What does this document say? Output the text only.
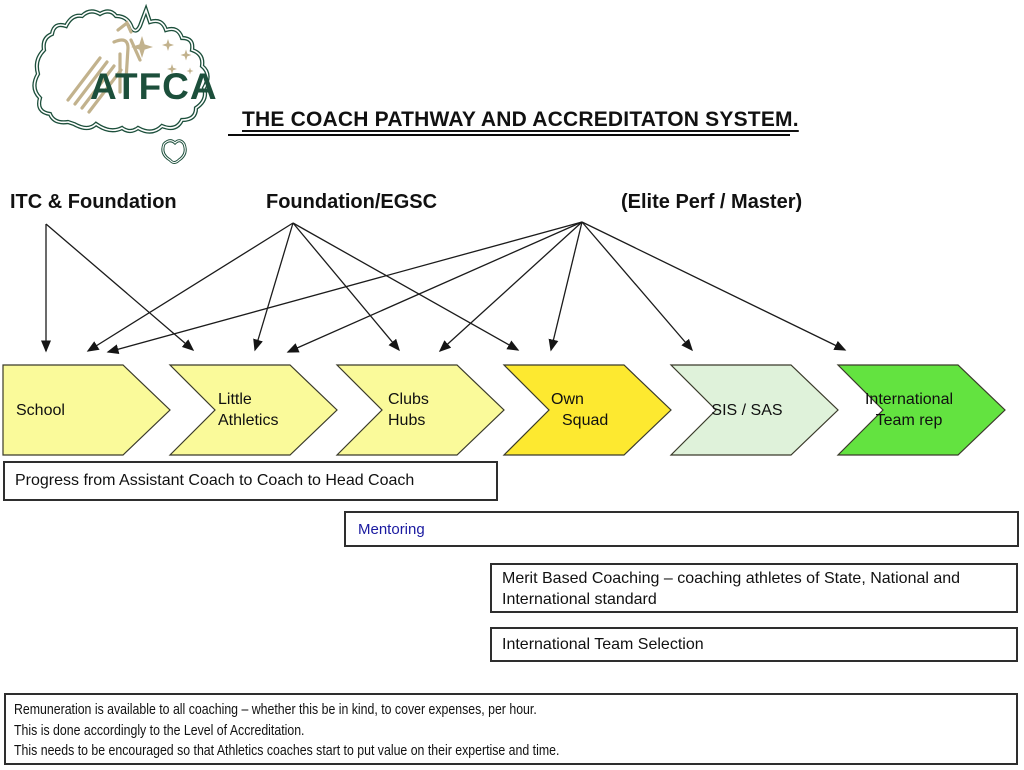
ATFCA
THE COACH PATHWAY AND ACCREDITATON SYSTEM.
ITC & Foundation	Foundation/EGSC	(Elite Perf / Master)
School
Little
Athletics
Clubs
Hubs
Own
Squad
SIS / SAS
International
Team rep
Progress from Assistant Coach to Coach to Head Coach
Mentoring
Merit Based Coaching – coaching athletes of State, National and International standard
International Team Selection
Remuneration is available to all coaching – whether this be in kind, to cover expenses, per hour.
This is done accordingly to the Level of Accreditation.
This needs to be encouraged so that Athletics coaches start to put value on their expertise and time.
